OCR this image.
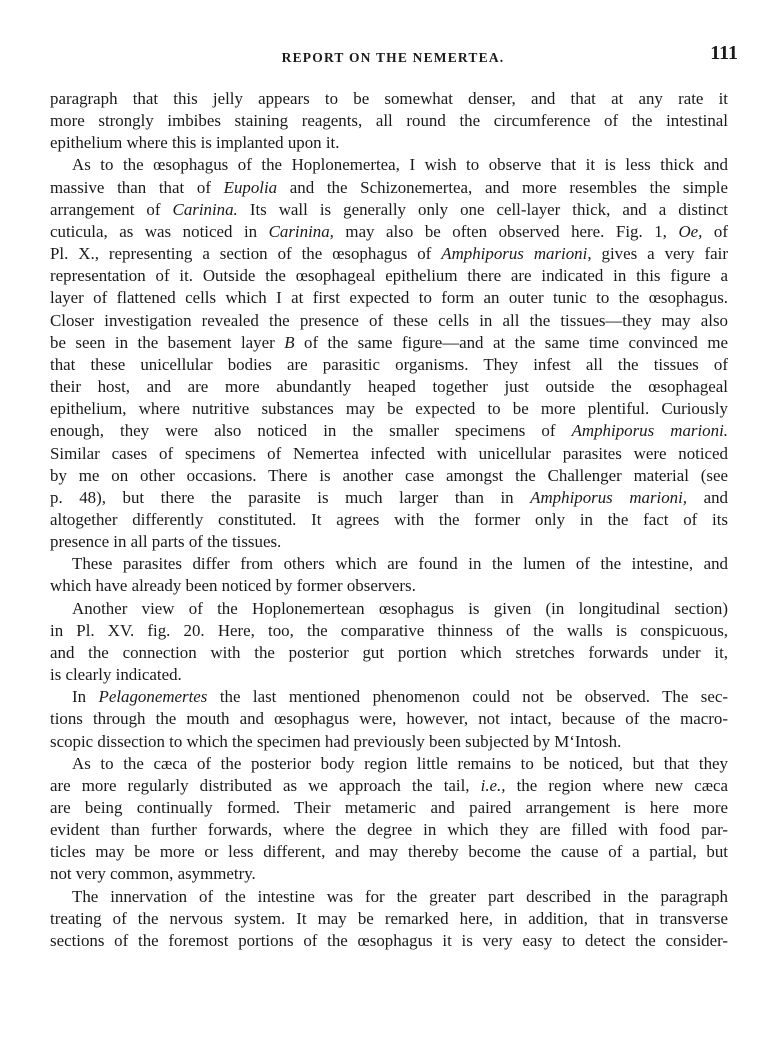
REPORT ON THE NEMERTEA.	111
paragraph that this jelly appears to be somewhat denser, and that at any rate it
more strongly imbibes staining reagents, all round the circumference of the intestinal
epithelium where this is implanted upon it.
As to the œsophagus of the Hoplonemertea, I wish to observe that it is less thick and
massive than that of Eupolia and the Schizonemertea, and more resembles the simple
arrangement of Carinina. Its wall is generally only one cell-layer thick, and a distinct
cuticula, as was noticed in Carinina, may also be often observed here. Fig. 1, Oe, of
Pl. X., representing a section of the œsophagus of Amphiporus marioni, gives a very fair
representation of it. Outside the œsophageal epithelium there are indicated in this figure a
layer of flattened cells which I at first expected to form an outer tunic to the œsophagus.
Closer investigation revealed the presence of these cells in all the tissues—they may also
be seen in the basement layer B of the same figure—and at the same time convinced me
that these unicellular bodies are parasitic organisms. They infest all the tissues of
their host, and are more abundantly heaped together just outside the œsophageal
epithelium, where nutritive substances may be expected to be more plentiful. Curiously
enough, they were also noticed in the smaller specimens of Amphiporus marioni.
Similar cases of specimens of Nemertea infected with unicellular parasites were noticed
by me on other occasions. There is another case amongst the Challenger material (see
p. 48), but there the parasite is much larger than in Amphiporus marioni, and
altogether differently constituted. It agrees with the former only in the fact of its
presence in all parts of the tissues.
These parasites differ from others which are found in the lumen of the intestine, and
which have already been noticed by former observers.
Another view of the Hoplonemertean œsophagus is given (in longitudinal section)
in Pl. XV. fig. 20. Here, too, the comparative thinness of the walls is conspicuous,
and the connection with the posterior gut portion which stretches forwards under it,
is clearly indicated.
In Pelagonemertes the last mentioned phenomenon could not be observed. The sec-
tions through the mouth and œsophagus were, however, not intact, because of the macro-
scopic dissection to which the specimen had previously been subjected by M‘Intosh.
As to the cæca of the posterior body region little remains to be noticed, but that they
are more regularly distributed as we approach the tail, i.e., the region where new cæca
are being continually formed. Their metameric and paired arrangement is here more
evident than further forwards, where the degree in which they are filled with food par-
ticles may be more or less different, and may thereby become the cause of a partial, but
not very common, asymmetry.
The innervation of the intestine was for the greater part described in the paragraph
treating of the nervous system. It may be remarked here, in addition, that in transverse
sections of the foremost portions of the œsophagus it is very easy to detect the consider-
